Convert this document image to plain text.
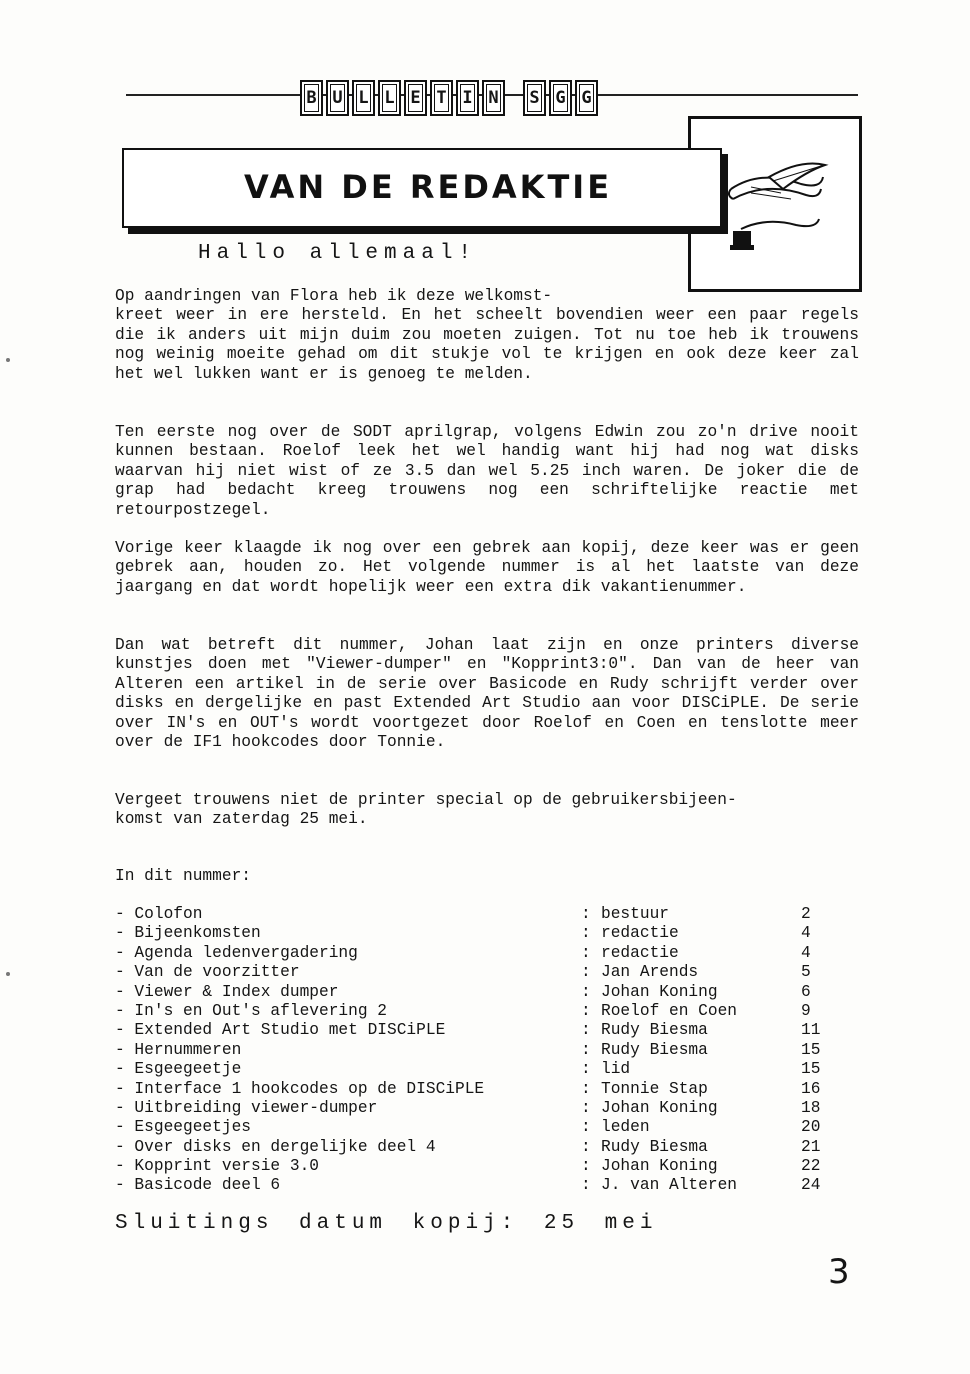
B U L L E T I N	S G G
VAN DE REDAKTIE
Hallo allemaal!
Op aandringen van Flora heb ik deze welkomst-
kreet weer in ere hersteld. En het scheelt bovendien weer een paar regels die ik anders uit mijn duim zou moeten zuigen. Tot nu toe heb ik trouwens nog weinig moeite gehad om dit stukje vol te krijgen en ook deze keer zal het wel lukken want er is genoeg te melden.
Ten eerste nog over de SODT aprilgrap, volgens Edwin zou zo'n drive nooit kunnen bestaan. Roelof leek het wel handig want hij had nog wat disks waarvan hij niet wist of ze 3.5 dan wel 5.25 inch waren. De joker die de grap had bedacht kreeg trouwens nog een schriftelijke reactie met retourpostzegel.
Vorige keer klaagde ik nog over een gebrek aan kopij, deze keer was er geen gebrek aan, houden zo. Het volgende nummer is al het laatste van deze jaargang en dat wordt hopelijk weer een extra dik vakantienummer.
Dan wat betreft dit nummer, Johan laat zijn en onze printers diverse kunstjes doen met "Viewer-dumper" en "Kopprint3:0". Dan van de heer van Alteren een artikel in de serie over Basicode en Rudy schrijft verder over disks en dergelijke en past Extended Art Studio aan voor DISCiPLE. De serie over IN's en OUT's wordt voortgezet door Roelof en Coen en tenslotte meer over de IF1 hookcodes door Tonnie.
Vergeet trouwens niet de printer special op de gebruikersbijeen-
komst van zaterdag 25 mei.
In dit nummer:
- Colofon	: bestuur	2
- Bijeenkomsten	: redactie	4
- Agenda ledenvergadering	: redactie	4
- Van de voorzitter	: Jan Arends	5
- Viewer & Index dumper	: Johan Koning	6
- In's en Out's aflevering 2	: Roelof en Coen	9
- Extended Art Studio met DISCiPLE	: Rudy Biesma	11
- Hernummeren	: Rudy Biesma	15
- Esgeegeetje	: lid	15
- Interface 1 hookcodes op de DISCiPLE	: Tonnie Stap	16
- Uitbreiding viewer-dumper	: Johan Koning	18
- Esgeegeetjes	: leden	20
- Over disks en dergelijke deel 4	: Rudy Biesma	21
- Kopprint versie 3.0	: Johan Koning	22
- Basicode deel 6	: J. van Alteren	24
Sluitings datum kopij: 25 mei
3
